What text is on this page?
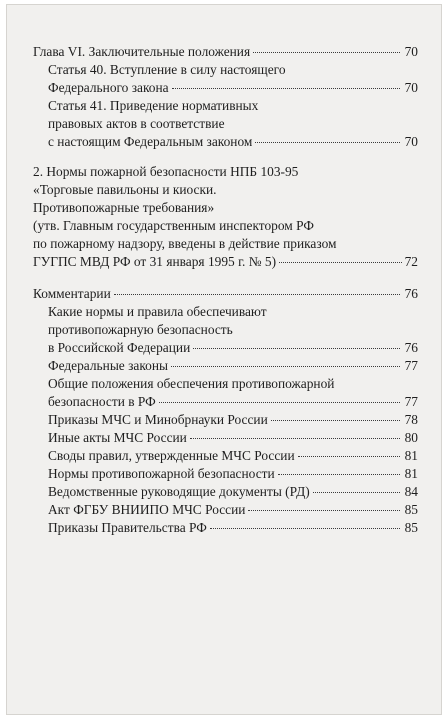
Глава VI. Заключительные положения	70
Статья 40. Вступление в силу настоящего
Федерального закона	70
Статья 41. Приведение нормативных
правовых актов в соответствие
с настоящим Федеральным законом	70
2. Нормы пожарной безопасности НПБ 103-95
«Торговые павильоны и киоски.
Противопожарные требования»
(утв. Главным государственным инспектором РФ
по пожарному надзору, введены в действие приказом
ГУГПС МВД РФ от 31 января 1995 г. № 5)	72
Комментарии	76
Какие нормы и правила обеспечивают
противопожарную безопасность
в Российской Федерации	76
Федеральные законы	77
Общие положения обеспечения противопожарной
безопасности в РФ	77
Приказы МЧС и Минобрнауки России	78
Иные акты МЧС России	80
Своды правил, утвержденные МЧС России	81
Нормы противопожарной безопасности	81
Ведомственные руководящие документы (РД)	84
Акт ФГБУ ВНИИПО МЧС России	85
Приказы Правительства РФ	85
